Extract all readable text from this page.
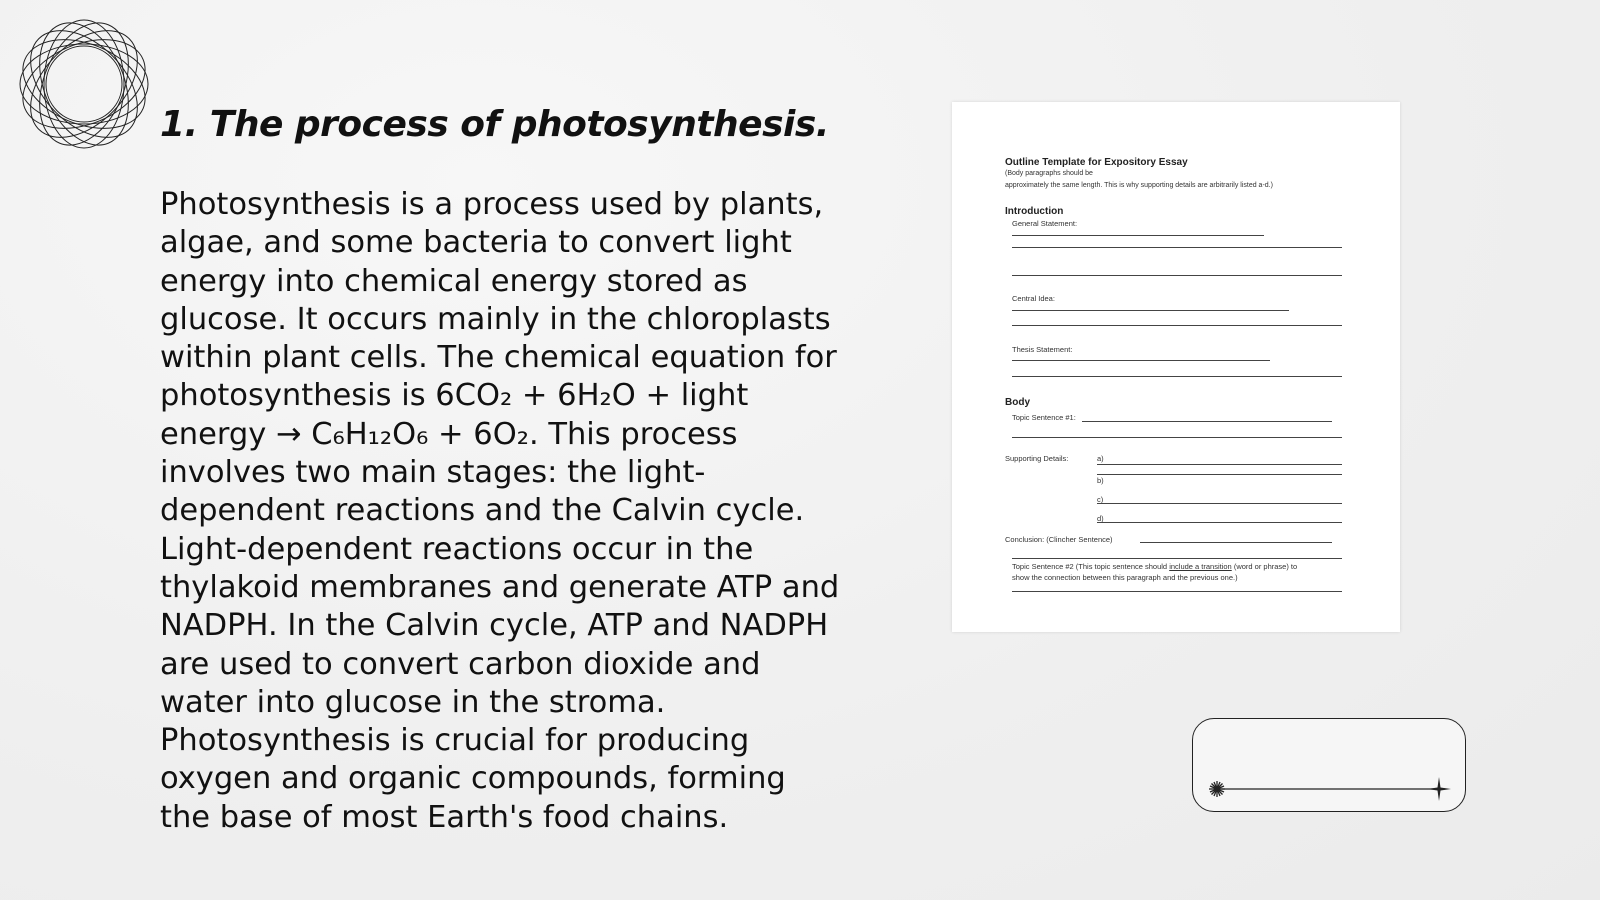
1. The process of photosynthesis.

Photosynthesis is a process used by plants, algae, and some bacteria to convert light energy into chemical energy stored as glucose. It occurs mainly in the chloroplasts within plant cells. The chemical equation for photosynthesis is 6CO₂ + 6H₂O + light energy → C₆H₁₂O₆ + 6O₂. This process involves two main stages: the light-dependent reactions and the Calvin cycle. Light-dependent reactions occur in the thylakoid membranes and generate ATP and NADPH. In the Calvin cycle, ATP and NADPH are used to convert carbon dioxide and water into glucose in the stroma. Photosynthesis is crucial for producing oxygen and organic compounds, forming the base of most Earth's food chains.

Outline Template for Expository Essay
(Body paragraphs should be
approximately the same length. This is why supporting details are arbitrarily listed a-d.)
Introduction
General Statement:
Central Idea:
Thesis Statement:
Body
Topic Sentence #1:
Supporting Details:	a)
b)
c)
d)
Conclusion: (Clincher Sentence)
Topic Sentence #2 (This topic sentence should include a transition (word or phrase) to
show the connection between this paragraph and the previous one.)
